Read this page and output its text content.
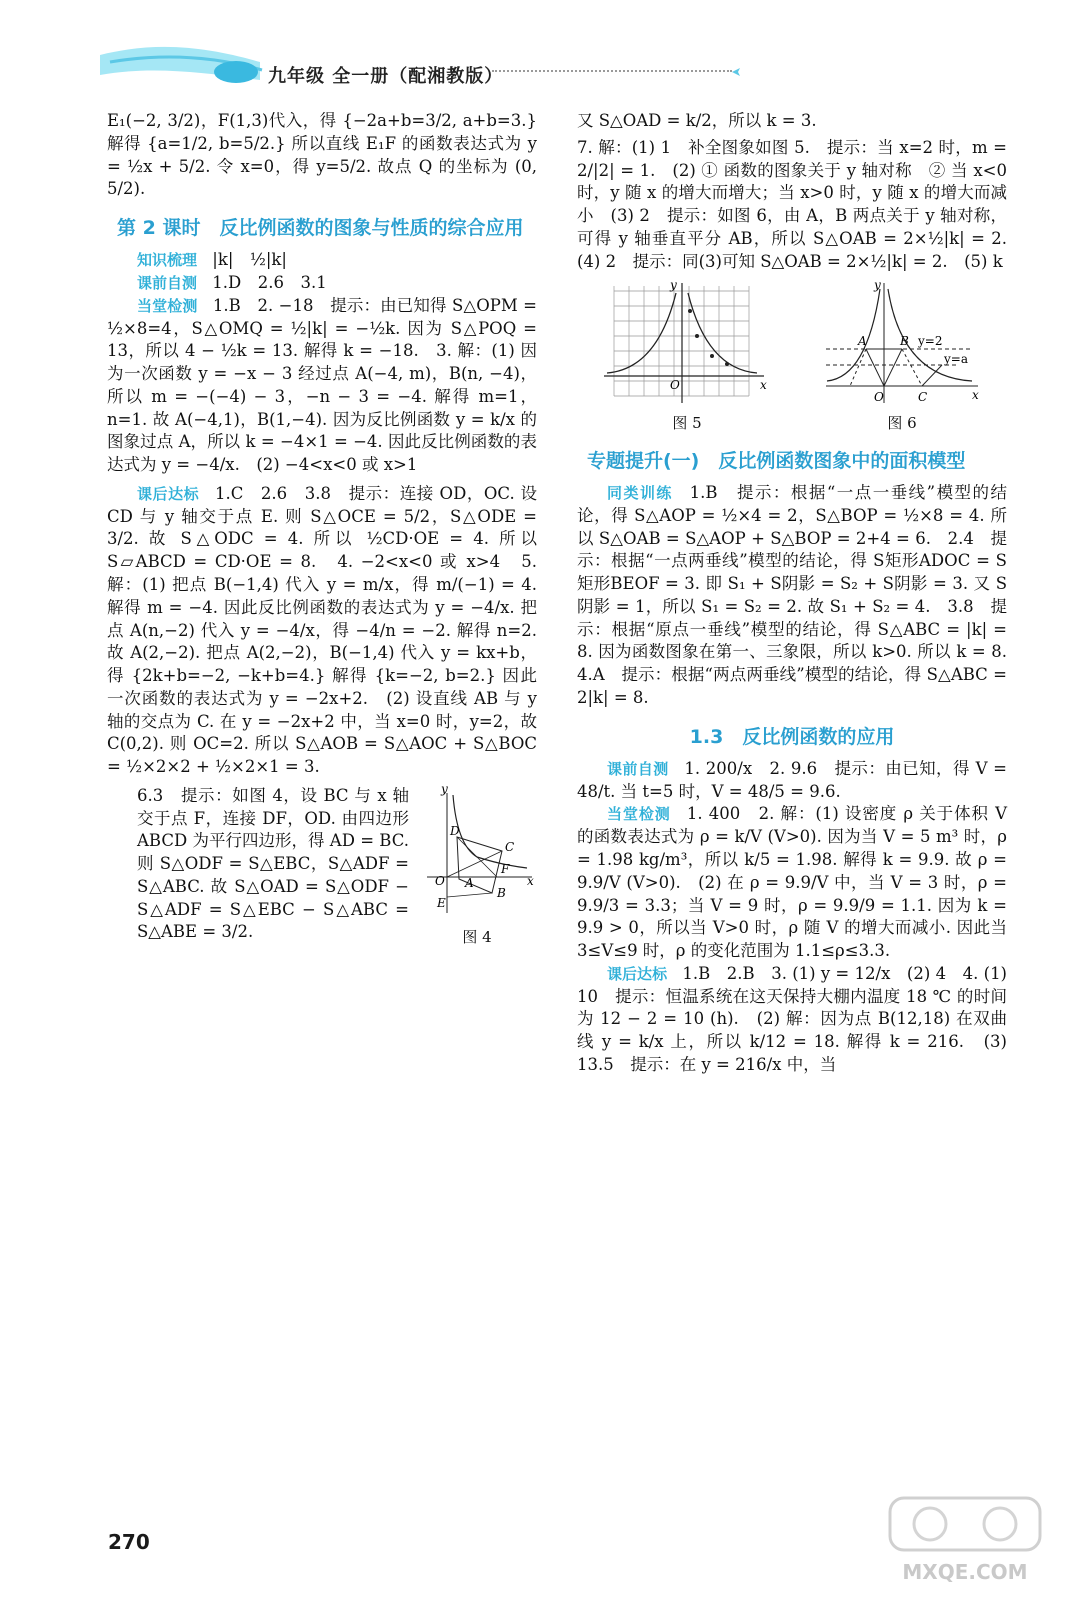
九年级 全一册（配湘教版）

E₁(−2, 3/2)，F(1,3)代入，得 {−2a+b=3/2, a+b=3.} 解得 {a=1/2, b=5/2.} 所以直线 E₁F 的函数表达式为 y = ½x + 5/2. 令 x=0，得 y=5/2. 故点 Q 的坐标为 (0, 5/2).

第 2 课时　反比例函数的图象与性质的综合应用

知识梳理 |k|　½|k|

课前自测 1.D　2.6　3.1

当堂检测 1.B　2. −18　提示：由已知得 S△OPM = ½×8=4，S△OMQ = ½|k| = −½k. 因为 S△POQ = 13，所以 4 − ½k = 13. 解得 k = −18.　3. 解：(1) 因为一次函数 y = −x − 3 经过点 A(−4, m)，B(n, −4)，所以 m = −(−4) − 3，−n − 3 = −4. 解得 m=1，n=1. 故 A(−4,1)，B(1,−4). 因为反比例函数 y = k/x 的图象过点 A，所以 k = −4×1 = −4. 因此反比例函数的表达式为 y = −4/x.　(2) −4<x<0 或 x>1

课后达标 1.C　2.6　3.8　提示：连接 OD，OC. 设 CD 与 y 轴交于点 E. 则 S△OCE = 5/2，S△ODE = 3/2. 故 S△ODC = 4. 所以 ½CD·OE = 4. 所以 S▱ABCD = CD·OE = 8.　4. −2<x<0 或 x>4　5. 解：(1) 把点 B(−1,4) 代入 y = m/x，得 m/(−1) = 4. 解得 m = −4. 因此反比例函数的表达式为 y = −4/x. 把点 A(n,−2) 代入 y = −4/x，得 −4/n = −2. 解得 n=2. 故 A(2,−2). 把点 A(2,−2)，B(−1,4) 代入 y = kx+b，得 {2k+b=−2, −k+b=4.} 解得 {k=−2, b=2.} 因此一次函数的表达式为 y = −2x+2.　(2) 设直线 AB 与 y 轴的交点为 C. 在 y = −2x+2 中，当 x=0 时，y=2，故 C(0,2). 则 OC=2. 所以 S△AOB = S△AOC + S△BOC = ½×2×2 + ½×2×1 = 3.

6.3　提示：如图 4，设 BC 与 x 轴交于点 F，连接 DF，OD. 由四边形 ABCD 为平行四边形，得 AD = BC. 则 S△ODF = S△EBC，S△ADF = S△ABC. 故 S△OAD = S△ODF − S△ADF = S△EBC − S△ABC = S△ABE = 3/2.

y
x
D
C
O A
F
E
B
图 4

又 S△OAD = k/2，所以 k = 3.

7. 解：(1) 1　补全图象如图 5.　提示：当 x=2 时，m = 2/|2| = 1.　(2) ① 函数的图象关于 y 轴对称　② 当 x<0 时，y 随 x 的增大而增大；当 x>0 时，y 随 x 的增大而减小　(3) 2　提示：如图 6，由 A，B 两点关于 y 轴对称，可得 y 轴垂直平分 AB，所以 S△OAB = 2×½|k| = 2.　(4) 2　提示：同(3)可知 S△OAB = 2×½|k| = 2.　(5) k

y
O	x
图 5
y
A	B y=2
y=a
O	C	x
图 6
专题提升(一)　反比例函数图象中的面积模型

同类训练 1.B　提示：根据“一点一垂线”模型的结论，得 S△AOP = ½×4 = 2，S△BOP = ½×8 = 4. 所以 S△OAB = S△AOP + S△BOP = 2+4 = 6.　2.4　提示：根据“一点两垂线”模型的结论，得 S矩形ADOC = S矩形BEOF = 3. 即 S₁ + S阴影 = S₂ + S阴影 = 3. 又 S阴影 = 1，所以 S₁ = S₂ = 2. 故 S₁ + S₂ = 4.　3.8　提示：根据“原点一垂线”模型的结论，得 S△ABC = |k| = 8. 因为函数图象在第一、三象限，所以 k>0. 所以 k = 8.　4.A　提示：根据“两点两垂线”模型的结论，得 S△ABC = 2|k| = 8.

1.3　反比例函数的应用

课前自测 1. 200/x　2. 9.6　提示：由已知，得 V = 48/t. 当 t=5 时，V = 48/5 = 9.6.

当堂检测 1. 400　2. 解：(1) 设密度 ρ 关于体积 V 的函数表达式为 ρ = k/V (V>0). 因为当 V = 5 m³ 时，ρ = 1.98 kg/m³，所以 k/5 = 1.98. 解得 k = 9.9. 故 ρ = 9.9/V (V>0).　(2) 在 ρ = 9.9/V 中，当 V = 3 时，ρ = 9.9/3 = 3.3；当 V = 9 时，ρ = 9.9/9 = 1.1. 因为 k = 9.9 > 0，所以当 V>0 时，ρ 随 V 的增大而减小. 因此当 3≤V≤9 时，ρ 的变化范围为 1.1≤ρ≤3.3.

课后达标 1.B　2.B　3. (1) y = 12/x　(2) 4　4. (1) 10　提示：恒温系统在这天保持大棚内温度 18 ℃ 的时间为 12 − 2 = 10 (h).　(2) 解：因为点 B(12,18) 在双曲线 y = k/x 上，所以 k/12 = 18. 解得 k = 216.　(3) 13.5　提示：在 y = 216/x 中，当

270
MXQE.COM
